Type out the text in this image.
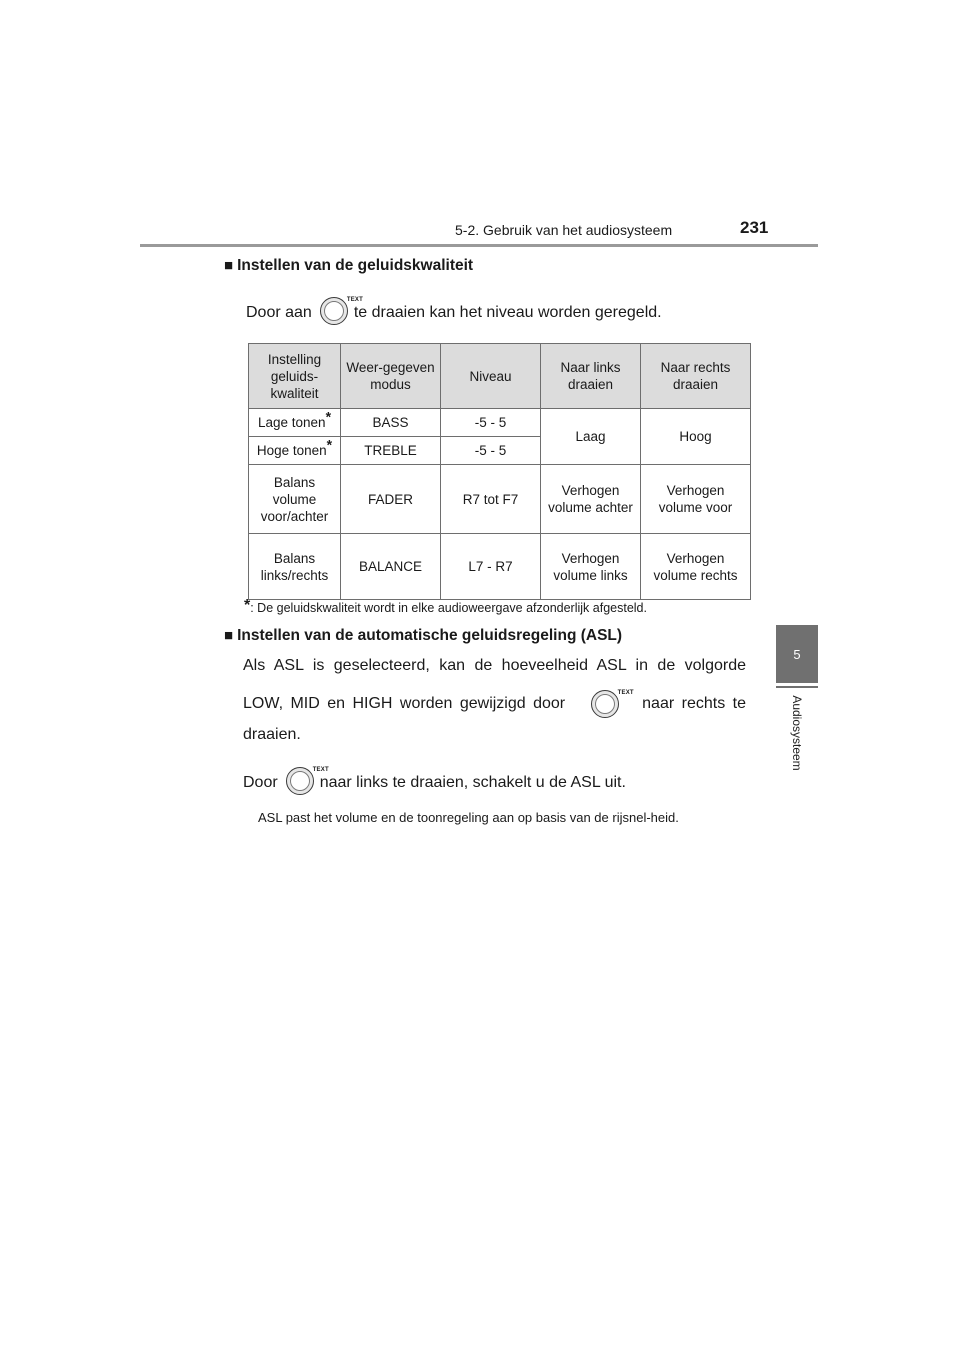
5-2. Gebruik van het audiosysteem	231
5
Audiosysteem
■ Instellen van de geluidskwaliteit
Door aan
TEXT
te draaien kan het niveau worden geregeld.
Instelling geluids-kwaliteit	Weer-gegeven modus	Niveau	Naar links draaien	Naar rechts draaien
Lage tonen*	BASS	-5 - 5	Laag	Hoog
Hoge tonen*	TREBLE	-5 - 5		
Balans volume voor/achter	FADER	R7 tot F7	Verhogen volume achter	Verhogen volume voor
Balans links/rechts	BALANCE	L7 - R7	Verhogen volume links	Verhogen volume rechts
*: De geluidskwaliteit wordt in elke audioweergave afzonderlijk afgesteld.
■ Instellen van de automatische geluidsregeling (ASL)
Als ASL is geselecteerd, kan de hoeveelheid ASL in de volgorde
LOW, MID en HIGH worden gewijzigd door
TEXT
naar rechts te
draaien.
Door
TEXT
naar links te draaien, schakelt u de ASL uit.
ASL past het volume en de toonregeling aan op basis van de rijsnel-heid.
